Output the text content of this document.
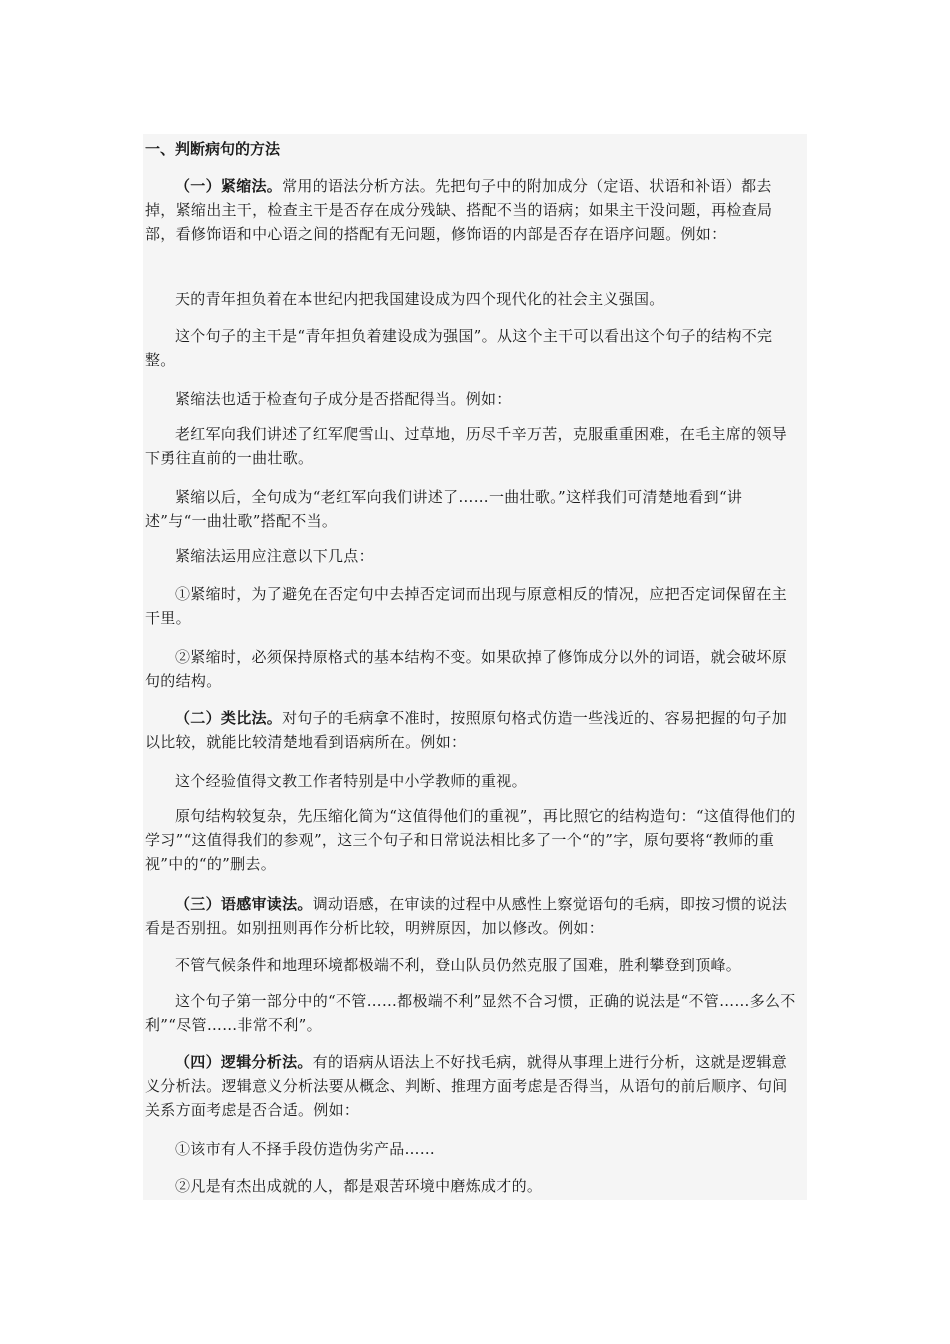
一、判断病句的方法

（一）紧缩法。常用的语法分析方法。先把句子中的附加成分（定语、状语和补语）都去掉，紧缩出主干，检查主干是否存在成分残缺、搭配不当的语病；如果主干没问题，再检查局部，看修饰语和中心语之间的搭配有无问题，修饰语的内部是否存在语序问题。例如：

天的青年担负着在本世纪内把我国建设成为四个现代化的社会主义强国。

这个句子的主干是“青年担负着建设成为强国”。从这个主干可以看出这个句子的结构不完整。

紧缩法也适于检查句子成分是否搭配得当。例如：

老红军向我们讲述了红军爬雪山、过草地，历尽千辛万苦，克服重重困难，在毛主席的领导下勇往直前的一曲壮歌。

紧缩以后，全句成为“老红军向我们讲述了……一曲壮歌。”这样我们可清楚地看到“讲述”与“一曲壮歌”搭配不当。

紧缩法运用应注意以下几点：

①紧缩时，为了避免在否定句中去掉否定词而出现与原意相反的情况，应把否定词保留在主干里。

②紧缩时，必须保持原格式的基本结构不变。如果砍掉了修饰成分以外的词语，就会破坏原句的结构。

（二）类比法。对句子的毛病拿不准时，按照原句格式仿造一些浅近的、容易把握的句子加以比较，就能比较清楚地看到语病所在。例如：

这个经验值得文教工作者特别是中小学教师的重视。

原句结构较复杂，先压缩化简为“这值得他们的重视”，再比照它的结构造句：“这值得他们的学习”“这值得我们的参观”，这三个句子和日常说法相比多了一个“的”字，原句要将“教师的重视”中的“的”删去。

（三）语感审读法。调动语感，在审读的过程中从感性上察觉语句的毛病，即按习惯的说法看是否别扭。如别扭则再作分析比较，明辨原因，加以修改。例如：

不管气候条件和地理环境都极端不利，登山队员仍然克服了国难，胜利攀登到顶峰。

这个句子第一部分中的“不管……都极端不利”显然不合习惯，正确的说法是“不管……多么不利”“尽管……非常不利”。

（四）逻辑分析法。有的语病从语法上不好找毛病，就得从事理上进行分析，这就是逻辑意义分析法。逻辑意义分析法要从概念、判断、推理方面考虑是否得当，从语句的前后顺序、句间关系方面考虑是否合适。例如：

①该市有人不择手段仿造伪劣产品……

②凡是有杰出成就的人，都是艰苦环境中磨炼成才的。
